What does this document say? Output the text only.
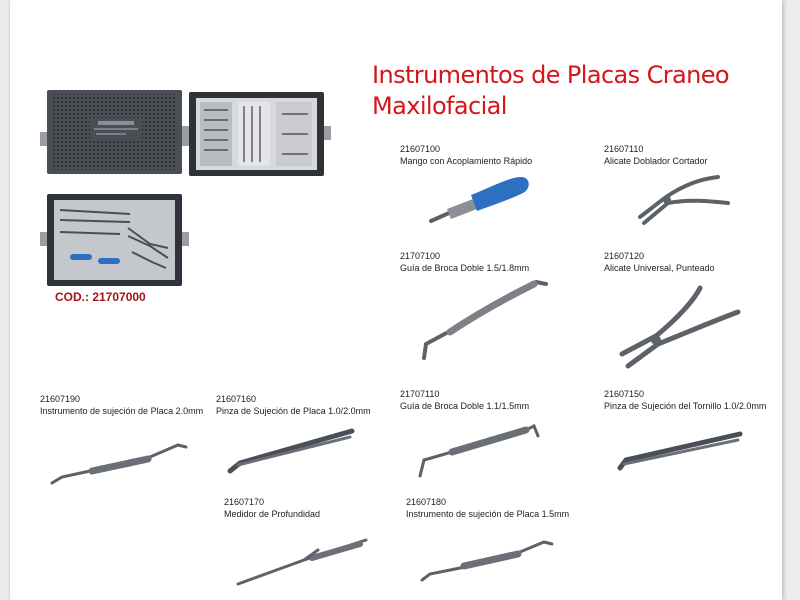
Instrumentos de Placas Craneo
Maxilofacial
COD.: 21707000
21607100
Mango con Acoplamiento Rápido
21607110
Alicate Doblador Cortador
21707100
Guía de Broca Doble 1.5/1.8mm
21607120
Alicate Universal, Punteado
21607190
Instrumento de sujeción de Placa 2.0mm
21607160
Pinza de Sujeción de Placa 1.0/2.0mm
21707110
Guía de Broca Doble 1.1/1.5mm
21607150
Pinza de Sujeción del Tornillo 1.0/2.0mm
21607170
Medidor de Profundidad
21607180
Instrumento de sujeción de Placa 1.5mm
